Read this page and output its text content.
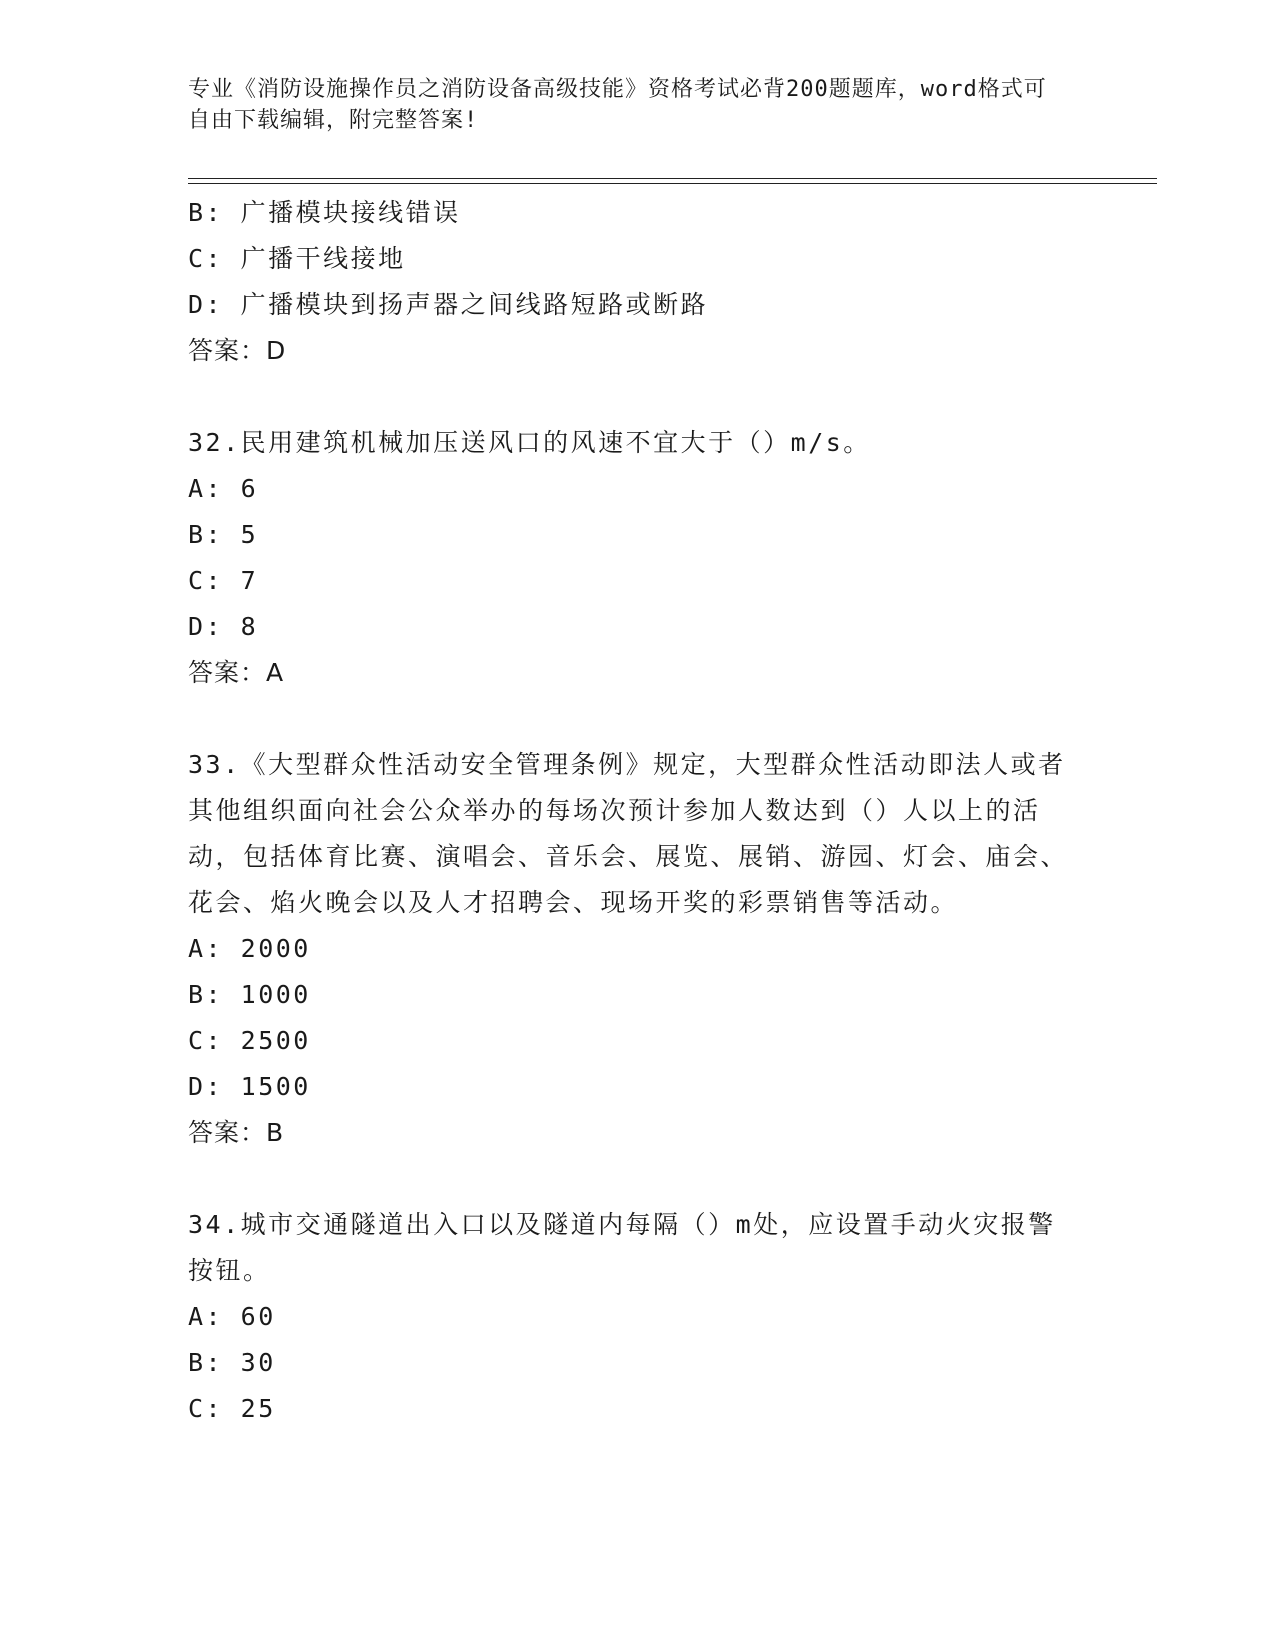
专业《消防设施操作员之消防设备高级技能》资格考试必背200题题库，word格式可自由下载编辑，附完整答案!
B: 广播模块接线错误
C: 广播干线接地
D: 广播模块到扬声器之间线路短路或断路
答案：D
32.民用建筑机械加压送风口的风速不宜大于（）m/s。
A: 6
B: 5
C: 7
D: 8
答案：A
33.《大型群众性活动安全管理条例》规定，大型群众性活动即法人或者其他组织面向社会公众举办的每场次预计参加人数达到（）人以上的活动，包括体育比赛、演唱会、音乐会、展览、展销、游园、灯会、庙会、花会、焰火晚会以及人才招聘会、现场开奖的彩票销售等活动。
A: 2000
B: 1000
C: 2500
D: 1500
答案：B
34.城市交通隧道出入口以及隧道内每隔（）m处，应设置手动火灾报警按钮。
A: 60
B: 30
C: 25
